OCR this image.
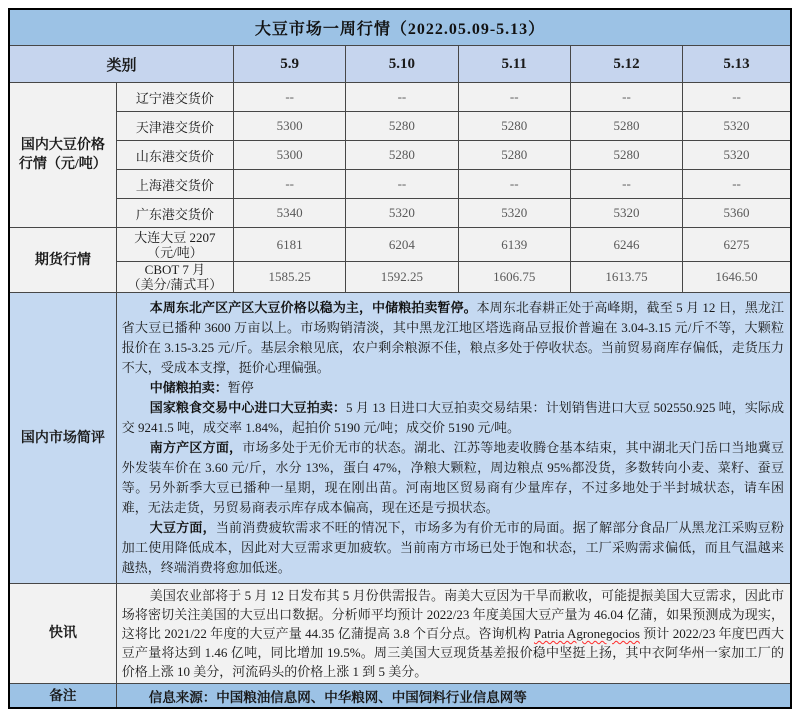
大豆市场一周行情（2022.05.09-5.13）						
类别		5.9	5.10	5.11	5.12	5.13

国内大豆价格
行情（元/吨）	辽宁港交货价	--	--	--	--	--
	天津港交货价	5300	5280	5280	5280	5320
	山东港交货价	5300	5280	5280	5280	5320
	上海港交货价	--	--	--	--	--
	广东港交货价	5340	5320	5320	5320	5360
期货行情	大连大豆 2207
（元/吨）	6181	6204	6139	6246	6275

	CBOT 7 月
（美分/蒲式耳）	1585.25	1592.25	1606.75	1613.75	1646.50
国内市场简评	本周东北产区产区大豆价格以稳为主，中储粮拍卖暂停。本周东北春耕正处于高峰期，截至 5 月 12 日，黑龙江省大豆已播种 3600 万亩以上。市场购销清淡，其中黑龙江地区塔选商品豆报价普遍在 3.04-3.15 元/斤不等，大颗粒报价在 3.15-3.25 元/斤。基层余粮见底，农户剩余粮源不佳，粮点多处于停收状态。当前贸易商库存偏低，走货压力不大，受成本支撑，挺价心理偏强。

中储粮拍卖：暂停

国家粮食交易中心进口大豆拍卖：5 月 13 日进口大豆拍卖交易结果：计划销售进口大豆 502550.925 吨，实际成交 9241.5 吨，成交率 1.84%，起拍价 5190 元/吨；成交价 5190 元/吨。

南方产区方面，市场多处于无价无市的状态。湖北、江苏等地麦收腾仓基本结束，其中湖北天门岳口当地冀豆外发装车价在 3.60 元/斤，水分 13%，蛋白 47%，净粮大颗粒，周边粮点 95%都没货，多数转向小麦、菜籽、蚕豆等。另外新季大豆已播种一星期，现在刚出苗。河南地区贸易商有少量库存，不过多地处于半封城状态，请车困难，无法走货，另贸易商表示库存成本偏高，现在还是亏损状态。

大豆方面，当前消费疲软需求不旺的情况下，市场多为有价无市的局面。据了解部分食品厂从黑龙江采购豆粉加工使用降低成本，因此对大豆需求更加疲软。当前南方市场已处于饱和状态，工厂采购需求偏低，而且气温越来越热，终端消费将愈加低迷。					

快讯	美国农业部将于 5 月 12 日发布其 5 月份供需报告。南美大豆因为干旱而歉收，可能提振美国大豆需求，因此市场将密切关注美国的大豆出口数据。分析师平均预计 2022/23 年度美国大豆产量为 46.04 亿蒲，如果预测成为现实，这将比 2021/22 年度的大豆产量 44.35 亿蒲提高 3.8 个百分点。咨询机构 Patria Agronegocios 预计 2022/23 年度巴西大豆产量将达到 1.46 亿吨，同比增加 19.5%。周三美国大豆现货基差报价稳中坚挺上扬，其中衣阿华州一家加工厂的价格上涨 10 美分，河流码头的价格上涨 1 到 5 美分。					

备注	信息来源：中国粮油信息网、中华粮网、中国饲料行业信息网等					
